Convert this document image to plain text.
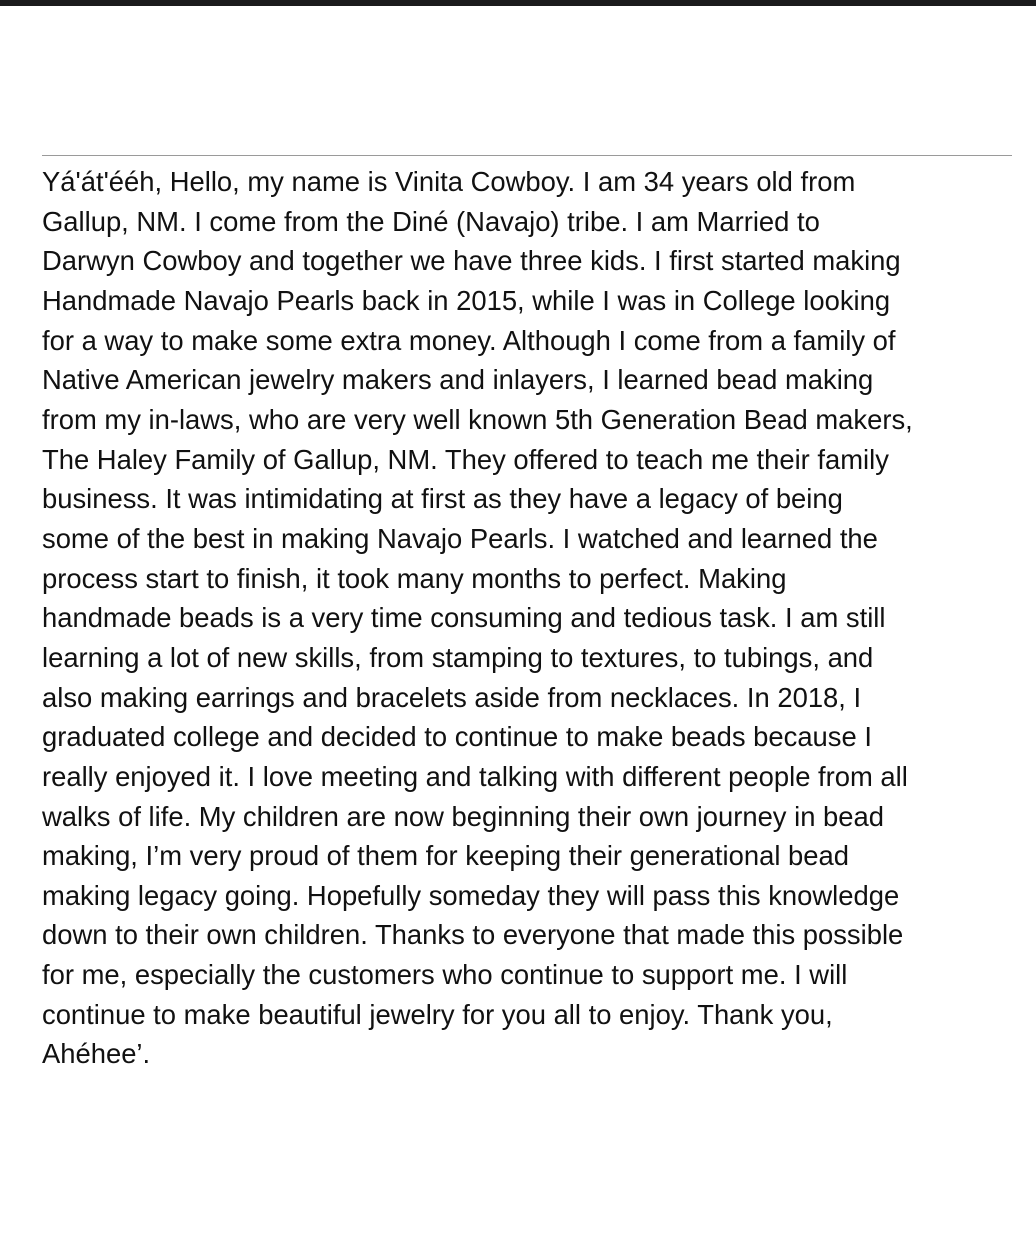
Yá'át'ééh, Hello, my name is Vinita Cowboy. I am 34 years old from
Gallup, NM. I come from the Diné (Navajo) tribe. I am Married to
Darwyn Cowboy and together we have three kids. I first started making
Handmade Navajo Pearls back in 2015, while I was in College looking
for a way to make some extra money. Although I come from a family of
Native American jewelry makers and inlayers, I learned bead making
from my in-laws, who are very well known 5th Generation Bead makers,
The Haley Family of Gallup, NM. They offered to teach me their family
business. It was intimidating at first as they have a legacy of being
some of the best in making Navajo Pearls. I watched and learned the
process start to finish, it took many months to perfect. Making
handmade beads is a very time consuming and tedious task. I am still
learning a lot of new skills, from stamping to textures, to tubings, and
also making earrings and bracelets aside from necklaces. In 2018, I
graduated college and decided to continue to make beads because I
really enjoyed it. I love meeting and talking with different people from all
walks of life. My children are now beginning their own journey in bead
making, I’m very proud of them for keeping their generational bead
making legacy going. Hopefully someday they will pass this knowledge
down to their own children. Thanks to everyone that made this possible
for me, especially the customers who continue to support me. I will
continue to make beautiful jewelry for you all to enjoy. Thank you,
Ahéhee’.
